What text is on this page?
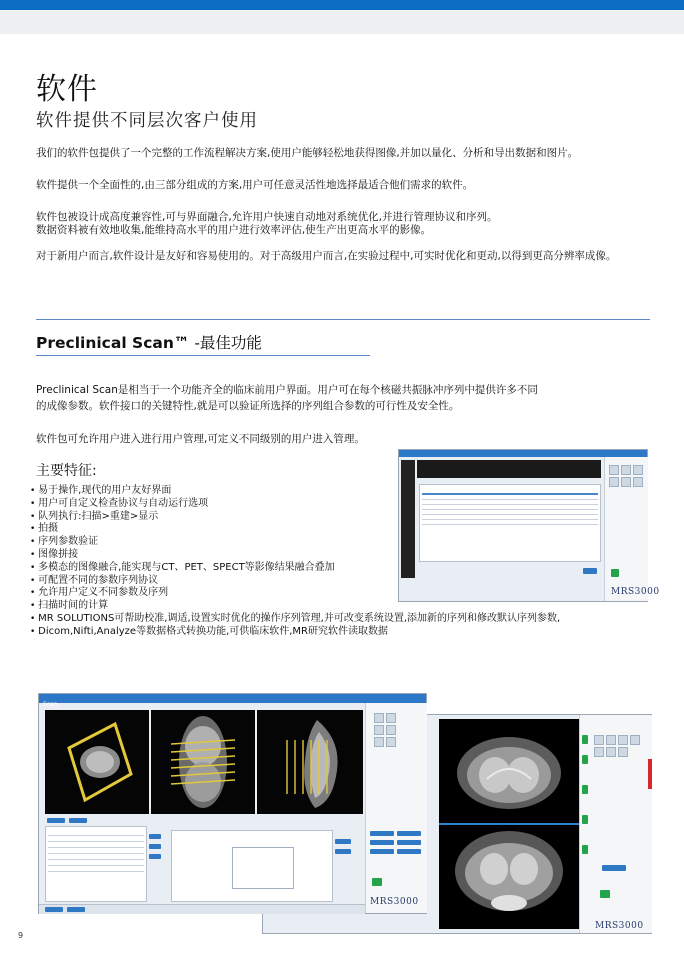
软件
软件提供不同层次客户使用
我们的软件包提供了一个完整的工作流程解决方案,使用户能够轻松地获得图像,并加以量化、分析和导出数据和图片。
软件提供一个全面性的,由三部分组成的方案,用户可任意灵活性地选择最适合他们需求的软件。
软件包被设计成高度兼容性,可与界面融合,允许用户快速自动地对系统优化,并进行管理协议和序列。
数据资料被有效地收集,能维持高水平的用户进行效率评估,使生产出更高水平的影像。
对于新用户而言,软件设计是友好和容易使用的。对于高级用户而言,在实验过程中,可实时优化和更动,以得到更高分辨率成像。
Preclinical Scan™ -最佳功能
Preclinical Scan是相当于一个功能齐全的临床前用户界面。用户可在每个核磁共振脉冲序列中提供许多不同
的成像参数。软件接口的关键特性,就是可以验证所选择的序列组合参数的可行性及安全性。
软件包可允许用户进入进行用户管理,可定义不同级别的用户进入管理。
主要特征:
• 易于操作,现代的用户友好界面
• 用户可自定义检查协议与自动运行选项
• 队列执行:扫描>重建>显示
• 拍摄
• 序列参数验证
• 图像拼接
• 多模态的图像融合,能实现与CT、PET、SPECT等影像结果融合叠加
• 可配置不同的参数序列协议
• 允许用户定义不同参数及序列
• 扫描时间的计算
• MR SOLUTIONS可帮助校准,调适,设置实时优化的操作序列管理,并可改变系统设置,添加新的序列和修改默认序列参数,
• Dicom,Nifti,Analyze等数据格式转换功能,可供临床软件,MR研究软件读取数据
MRS3000
MRS3000
Scan
MRS3000
9
